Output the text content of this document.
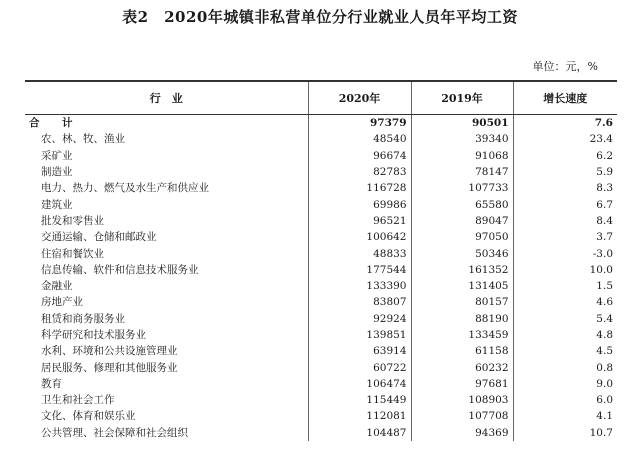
表2　2020年城镇非私营单位分行业就业人员年平均工资
单位：元，%
行　业	2020年	2019年	增长速度
合　计	97379	90501	7.6
农、林、牧、渔业	48540	39340	23.4
采矿业	96674	91068	6.2
制造业	82783	78147	5.9
电力、热力、燃气及水生产和供应业	116728	107733	8.3
建筑业	69986	65580	6.7
批发和零售业	96521	89047	8.4
交通运输、仓储和邮政业	100642	97050	3.7
住宿和餐饮业	48833	50346	-3.0
信息传输、软件和信息技术服务业	177544	161352	10.0
金融业	133390	131405	1.5
房地产业	83807	80157	4.6
租赁和商务服务业	92924	88190	5.4
科学研究和技术服务业	139851	133459	4.8
水利、环境和公共设施管理业	63914	61158	4.5
居民服务、修理和其他服务业	60722	60232	0.8
教育	106474	97681	9.0
卫生和社会工作	115449	108903	6.0
文化、体育和娱乐业	112081	107708	4.1
公共管理、社会保障和社会组织	104487	94369	10.7
